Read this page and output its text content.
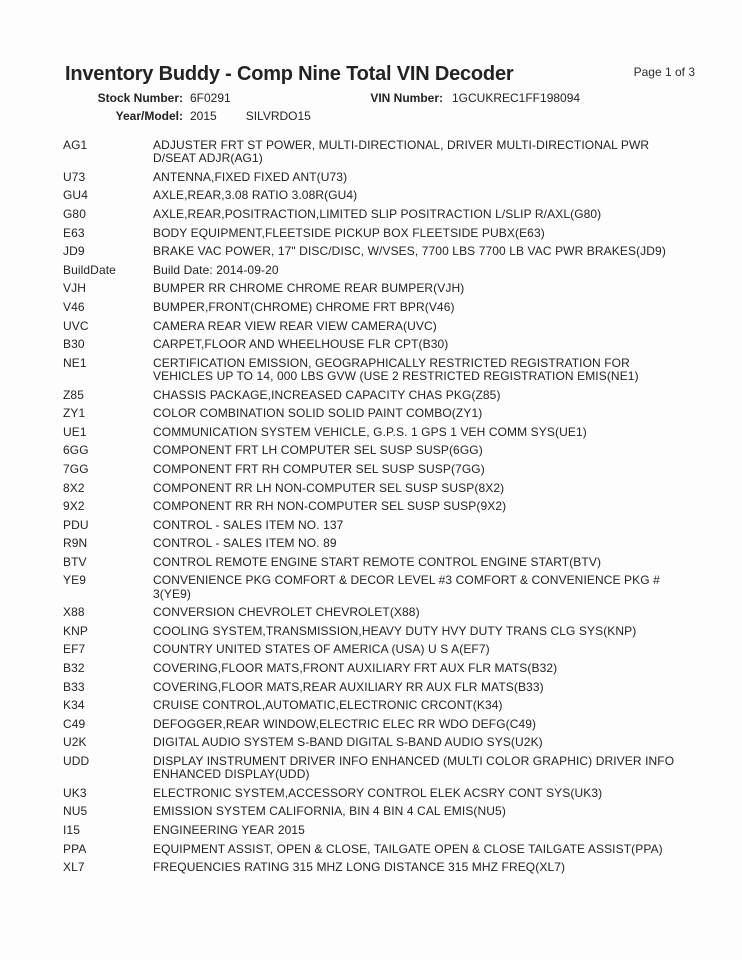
Inventory Buddy - Comp Nine Total VIN Decoder	Page 1 of 3
Stock Number: 6F0291	VIN Number: 1GCUKREC1FF198094
Year/Model: 2015 SILVRDO15
AG1	ADJUSTER FRT ST POWER, MULTI-DIRECTIONAL, DRIVER MULTI-DIRECTIONAL PWR
D/SEAT ADJR(AG1)
U73	ANTENNA,FIXED FIXED ANT(U73)
GU4	AXLE,REAR,3.08 RATIO 3.08R(GU4)
G80	AXLE,REAR,POSITRACTION,LIMITED SLIP POSITRACTION L/SLIP R/AXL(G80)
E63	BODY EQUIPMENT,FLEETSIDE PICKUP BOX FLEETSIDE PUBX(E63)
JD9	BRAKE VAC POWER, 17" DISC/DISC, W/VSES, 7700 LBS 7700 LB VAC PWR BRAKES(JD9)
BuildDate	Build Date: 2014-09-20
VJH	BUMPER RR CHROME CHROME REAR BUMPER(VJH)
V46	BUMPER,FRONT(CHROME) CHROME FRT BPR(V46)
UVC	CAMERA REAR VIEW REAR VIEW CAMERA(UVC)
B30	CARPET,FLOOR AND WHEELHOUSE FLR CPT(B30)
NE1	CERTIFICATION EMISSION, GEOGRAPHICALLY RESTRICTED REGISTRATION FOR
VEHICLES UP TO 14, 000 LBS GVW (USE 2 RESTRICTED REGISTRATION EMIS(NE1)
Z85	CHASSIS PACKAGE,INCREASED CAPACITY CHAS PKG(Z85)
ZY1	COLOR COMBINATION SOLID SOLID PAINT COMBO(ZY1)
UE1	COMMUNICATION SYSTEM VEHICLE, G.P.S. 1 GPS 1 VEH COMM SYS(UE1)
6GG	COMPONENT FRT LH COMPUTER SEL SUSP SUSP(6GG)
7GG	COMPONENT FRT RH COMPUTER SEL SUSP SUSP(7GG)
8X2	COMPONENT RR LH NON-COMPUTER SEL SUSP SUSP(8X2)
9X2	COMPONENT RR RH NON-COMPUTER SEL SUSP SUSP(9X2)
PDU	CONTROL - SALES ITEM NO. 137
R9N	CONTROL - SALES ITEM NO. 89
BTV	CONTROL REMOTE ENGINE START REMOTE CONTROL ENGINE START(BTV)
YE9	CONVENIENCE PKG COMFORT & DECOR LEVEL #3 COMFORT & CONVENIENCE PKG #
3(YE9)
X88	CONVERSION CHEVROLET CHEVROLET(X88)
KNP	COOLING SYSTEM,TRANSMISSION,HEAVY DUTY HVY DUTY TRANS CLG SYS(KNP)
EF7	COUNTRY UNITED STATES OF AMERICA (USA) U S A(EF7)
B32	COVERING,FLOOR MATS,FRONT AUXILIARY FRT AUX FLR MATS(B32)
B33	COVERING,FLOOR MATS,REAR AUXILIARY RR AUX FLR MATS(B33)
K34	CRUISE CONTROL,AUTOMATIC,ELECTRONIC CRCONT(K34)
C49	DEFOGGER,REAR WINDOW,ELECTRIC ELEC RR WDO DEFG(C49)
U2K	DIGITAL AUDIO SYSTEM S-BAND DIGITAL S-BAND AUDIO SYS(U2K)
UDD	DISPLAY INSTRUMENT DRIVER INFO ENHANCED (MULTI COLOR GRAPHIC) DRIVER INFO
ENHANCED DISPLAY(UDD)
UK3	ELECTRONIC SYSTEM,ACCESSORY CONTROL ELEK ACSRY CONT SYS(UK3)
NU5	EMISSION SYSTEM CALIFORNIA, BIN 4 BIN 4 CAL EMIS(NU5)
I15	ENGINEERING YEAR 2015
PPA	EQUIPMENT ASSIST, OPEN & CLOSE, TAILGATE OPEN & CLOSE TAILGATE ASSIST(PPA)
XL7	FREQUENCIES RATING 315 MHZ LONG DISTANCE 315 MHZ FREQ(XL7)
